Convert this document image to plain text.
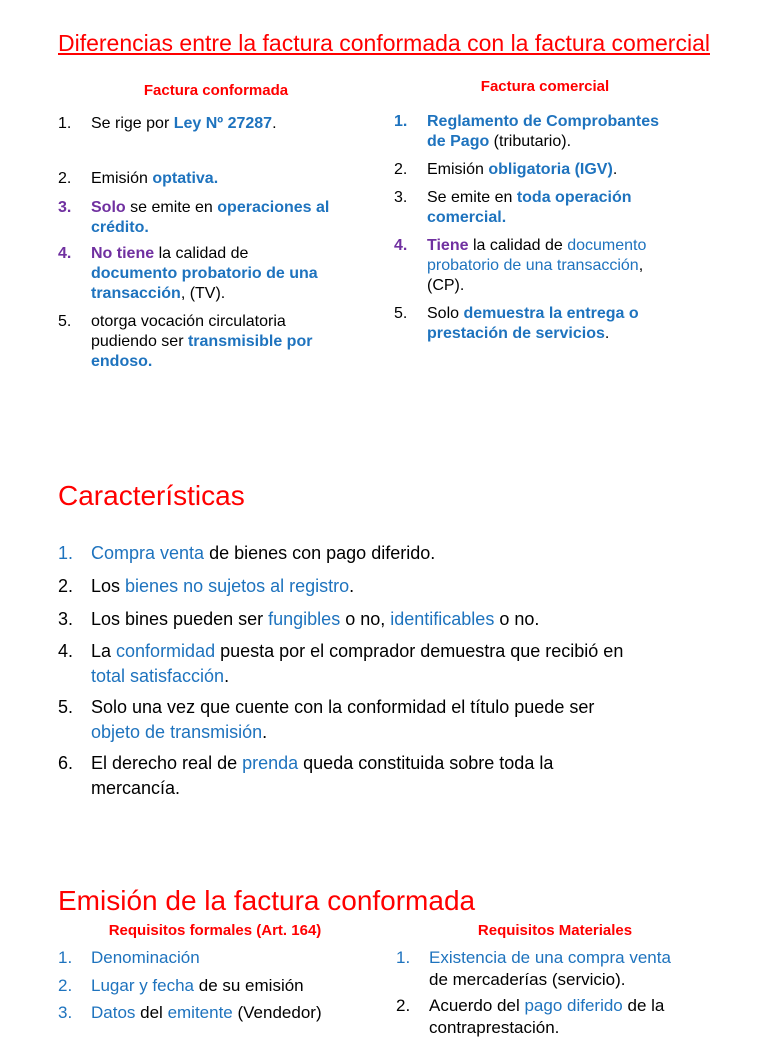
Diferencias entre la factura conformada con la factura comercial
Factura conformada
1. Se rige por Ley Nº 27287.
2. Emisión optativa.
3. Solo se emite en operaciones al
crédito.
4. No tiene la calidad de
documento probatorio de una
transacción, (TV).
5. otorga vocación circulatoria
pudiendo ser transmisible por
endoso.
Factura comercial
1. Reglamento de Comprobantes
de Pago (tributario).
2. Emisión obligatoria (IGV).
3. Se emite en toda operación
comercial.
4. Tiene la calidad de documento
probatorio de una transacción,
(CP).
5. Solo demuestra la entrega o
prestación de servicios.
Características
1. Compra venta de bienes con pago diferido.
2. Los bienes no sujetos al registro.
3. Los bines pueden ser fungibles o no, identificables o no.
4. La conformidad puesta por el comprador demuestra que recibió en
total satisfacción.
5. Solo una vez que cuente con la conformidad el título puede ser
objeto de transmisión.
6. El derecho real de prenda queda constituida sobre toda la
mercancía.
Emisión de la factura conformada
Requisitos formales (Art. 164)
1. Denominación
2. Lugar y fecha de su emisión
3. Datos del emitente (Vendedor)
Requisitos Materiales
1. Existencia de una compra venta
de mercaderías (servicio).
2. Acuerdo del pago diferido de la
contraprestación.
